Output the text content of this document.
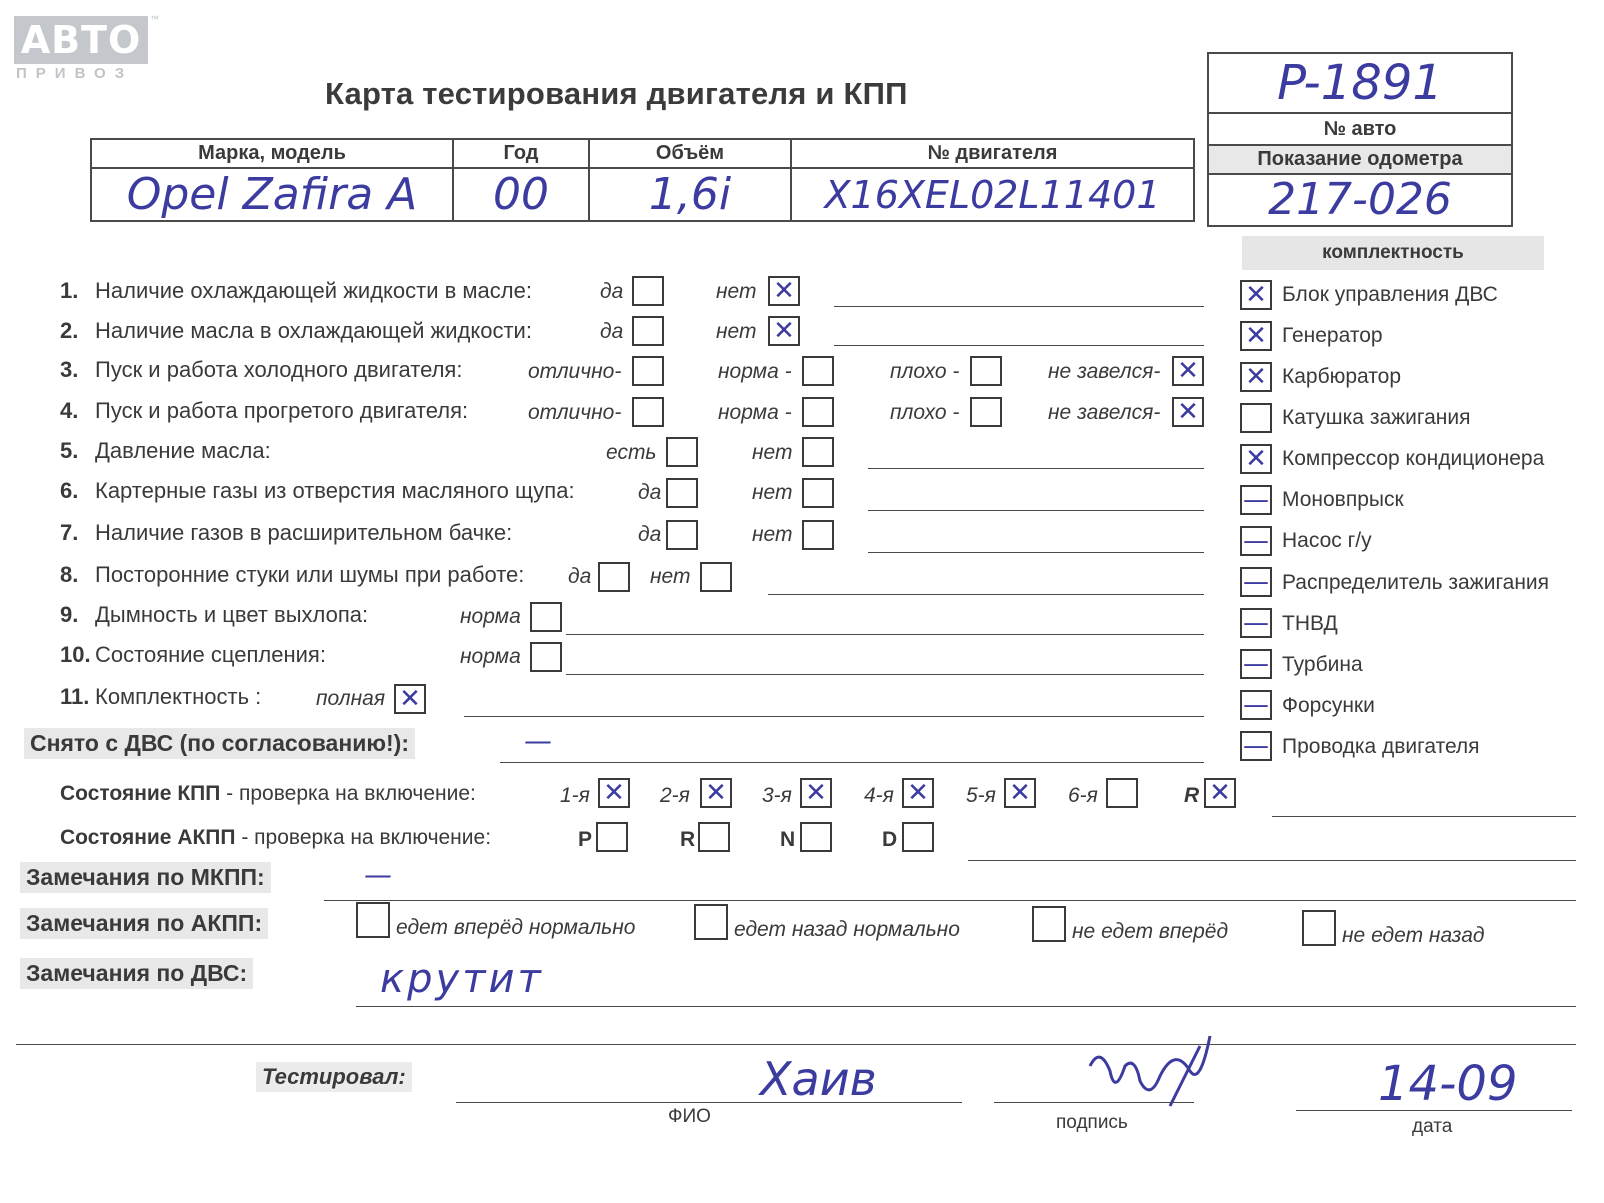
АВТО ™
ПРИВОЗ
Карта тестирования двигателя и КПП	P-1891
№ авто
Показание одометра
217-026
Марка, модель	Год	Объём	№ двигателя
Opel Zafira A	00	1,6i	X16XEL02L11401
комплектность
1. Наличие охлаждающей жидкости в масле:	да	нет ✕
2. Наличие масла в охлаждающей жидкости:	да	нет ✕
3. Пуск и работа холодного двигателя:	отлично-	норма -	плохо -	не завелся- ✕
4. Пуск и работа прогретого двигателя:	отлично-	норма -	плохо -	не завелся- ✕
5. Давление масла:	есть	нет
6. Картерные газы из отверстия масляного щупа:	да	нет
7. Наличие газов в расширительном бачке:	да	нет
8. Посторонние стуки или шумы при работе: да	нет
9. Дымность и цвет выхлопа:	норма
10. Состояние сцепления:	норма
11. Комплектность :	полная ✕
✕ Блок управления ДВС
✕ Генератор
✕ Карбюратор
Катушка зажигания
✕ Компрессор кондиционера
— Моновпрыск
— Насос г/у
— Распределитель зажигания
— ТНВД
— Турбина
— Форсунки
— Проводка двигателя
Снято с ДВС (по согласованию!):	—
Состояние КПП - проверка на включение:	1-я ✕ 2-я ✕ 3-я ✕ 4-я ✕ 5-я ✕ 6-я	R ✕
Состояние АКПП - проверка на включение:	P	R	N	D
Замечания по МКПП:	—
Замечания по АКПП:	едет вперёд нормально	едет назад нормально	не едет вперёд	не едет назад
Замечания по ДВС:	крутит
Тестировал:	Хаив
ФИО	подпись
14-09
дата
